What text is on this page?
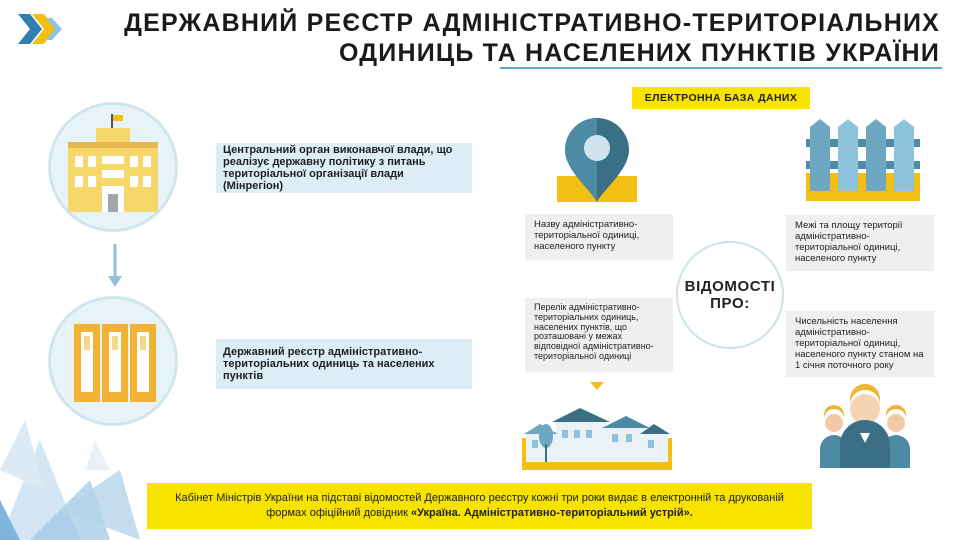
ДЕРЖАВНИЙ РЕЄСТР АДМІНІСТРАТИВНО-ТЕРИТОРІАЛЬНИХ
ОДИНИЦЬ ТА НАСЕЛЕНИХ ПУНКТІВ УКРАЇНИ
Центральний орган виконавчої влади, що реалізує державну політику з питань територіальної організації влади (Мінрегіон)
Державний реєстр адміністративно-територіальних одиниць та населених пунктів
ЕЛЕКТРОННА БАЗА ДАНИХ
Назву адміністративно-територіальної одиниці, населеного пункту
Межі та площу території адміністративно-територіальної одиниці, населеного пункту
Перелік адміністративно-територіальних одиниць, населених пунктів, що розташовані у межах відповідної адміністративно-територіальної одиниці
Чисельність населення адміністративно-територіальної одиниці, населеного пункту станом на 1 січня поточного року
ВІДОМОСТІ
ПРО:
Кабінет Міністрів України на підставі відомостей Державного реєстру кожні три роки видає в електронній та друкованій формах офіційний довідник «Україна. Адміністративно-територіальний устрій».
